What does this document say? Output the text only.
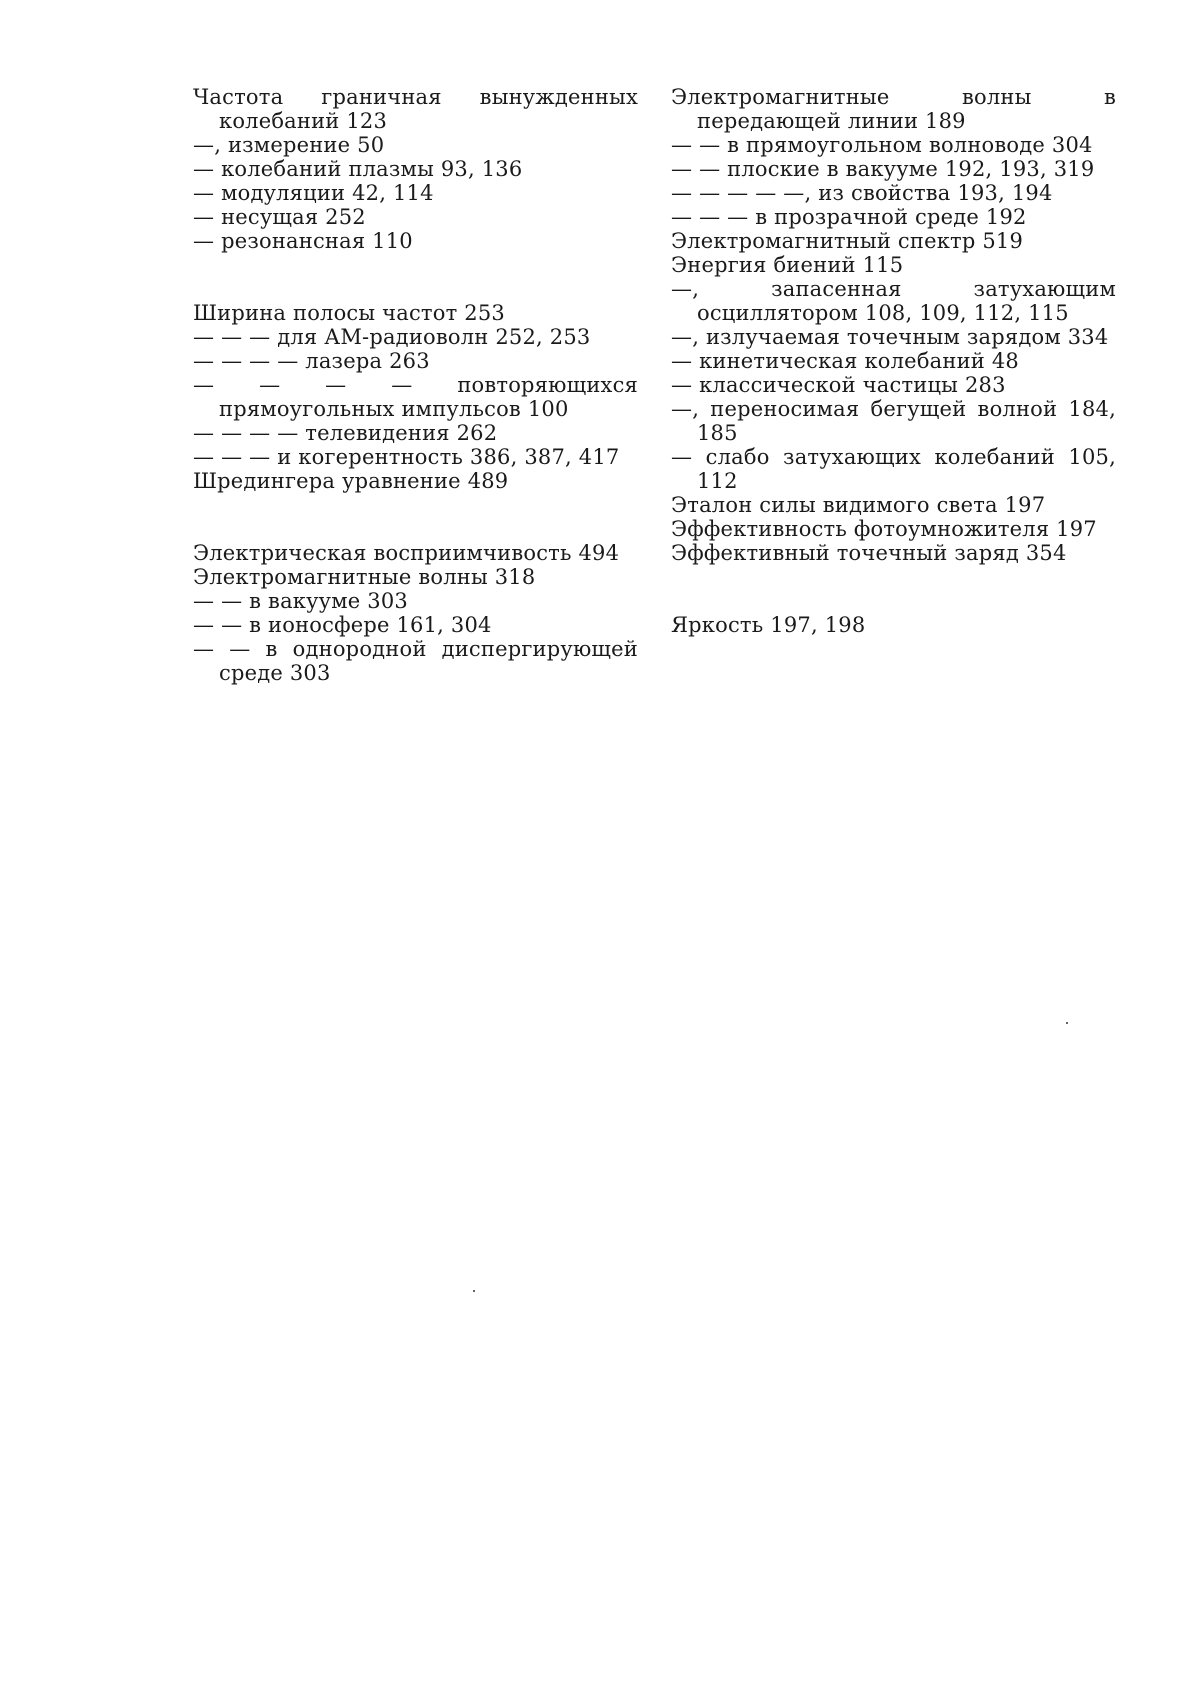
Частота граничная вынужденных колебаний 123

—, измерение 50

— колебаний плазмы 93, 136

— модуляции 42, 114

— несущая 252

— резонансная 110

Ширина полосы частот 253

— — — для АМ-радиоволн 252, 253

— — — — лазера 263

— — — — повторяющихся прямоугольных импульсов 100

— — — — телевидения 262

— — — и когерентность 386, 387, 417

Шредингера уравнение 489

Электрическая восприимчивость 494

Электромагнитные волны 318

— — в вакууме 303

— — в ионосфере 161, 304

— — в однородной диспергирующей среде 303

Электромагнитные волны в передающей линии 189

— — в прямоугольном волноводе 304

— — плоские в вакууме 192, 193, 319

— — — — —, из свойства 193, 194

— — — в прозрачной среде 192

Электромагнитный спектр 519

Энергия биений 115

—, запасенная затухающим осциллятором 108, 109, 112, 115

—, излучаемая точечным зарядом 334

— кинетическая колебаний 48

— классической частицы 283

—, переносимая бегущей волной 184, 185

— слабо затухающих колебаний 105, 112

Эталон силы видимого света 197

Эффективность фотоумножителя 197

Эффективный точечный заряд 354

Яркость 197, 198
